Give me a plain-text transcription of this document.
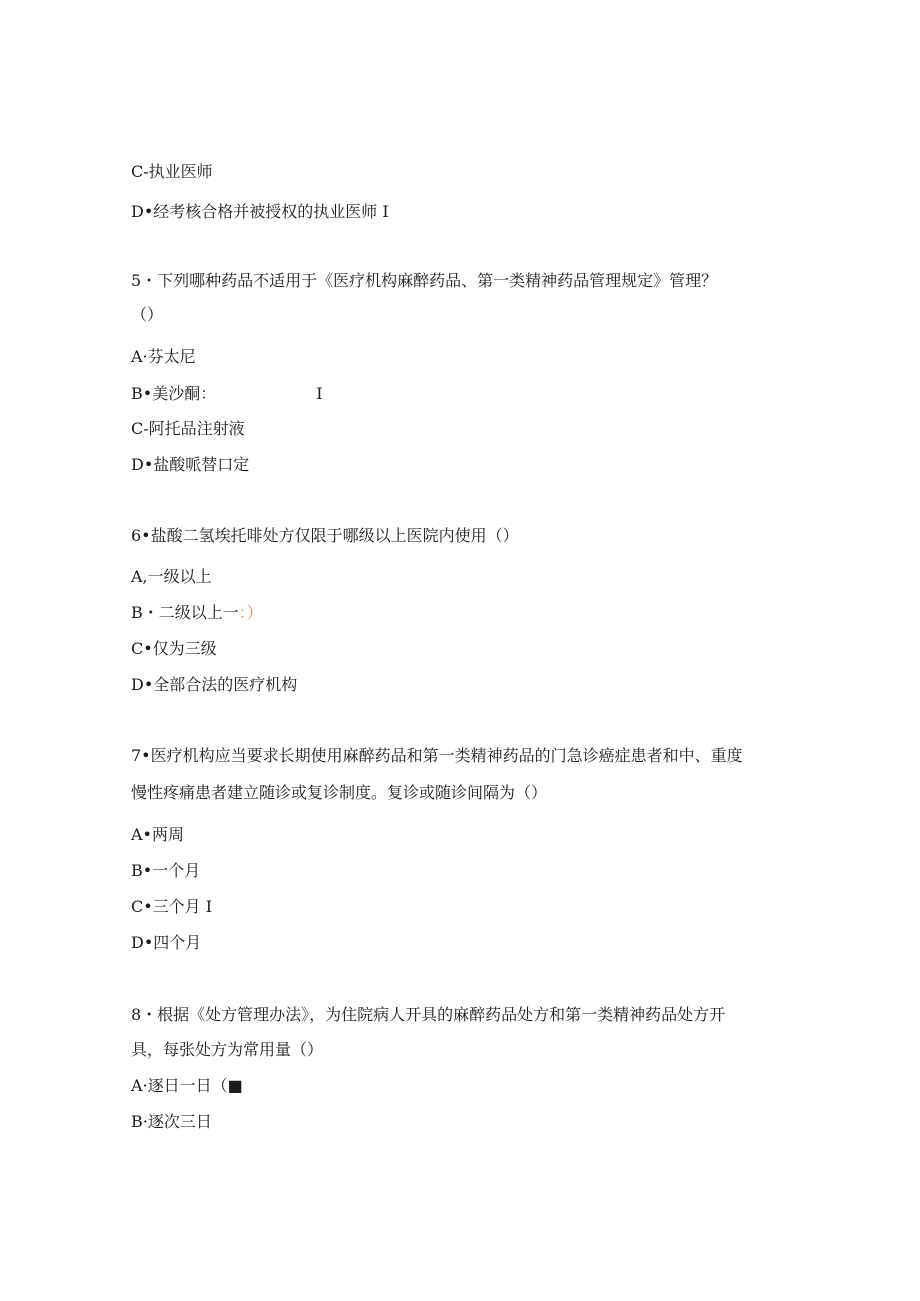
C-执业医师
D•经考核合格并被授权的执业医师 I
5・下列哪种药品不适用于《医疗机构麻醉药品、第一类精神药品管理规定》管理？
（）
A·芬太尼
B•美沙酮：	I
C-阿托品注射液
D•盐酸哌替口定
6•盐酸二氢埃托啡处方仅限于哪级以上医院内使用（）
A,一级以上
B・二级以上一：）
C•仅为三级
D•全部合法的医疗机构
7•医疗机构应当要求长期使用麻醉药品和第一类精神药品的门急诊癌症患者和中、重度
慢性疼痛患者建立随诊或复诊制度。复诊或随诊间隔为（）
A•两周
B•一个月
C•三个月 I
D•四个月
8・根据《处方管理办法》，为住院病人开具的麻醉药品处方和第一类精神药品处方开
具，每张处方为常用量（）
A·逐日一日（■
B·逐次三日
